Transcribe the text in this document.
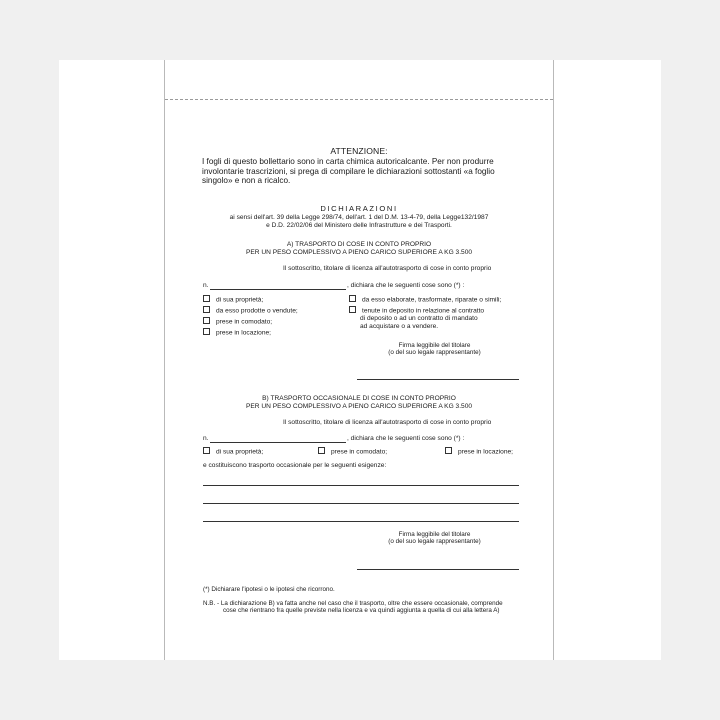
ATTENZIONE:
I fogli di questo bollettario sono in carta chimica autoricalcante. Per non produrre involontarie trascrizioni, si prega di compilare le dichiarazioni sottostanti «a foglio singolo» e non a ricalco.
DICHIARAZIONI
ai sensi dell'art. 39 della Legge 298/74, dell'art. 1 del D.M. 13-4-79, della Legge132/1987
e D.D. 22/02/06 del Ministero delle Infrastrutture e dei Trasporti.
A) TRASPORTO DI COSE IN CONTO PROPRIO
PER UN PESO COMPLESSIVO A PIENO CARICO SUPERIORE A KG 3.500
Il sottoscritto, titolare di licenza all'autotrasporto di cose in conto proprio
n.	, dichiara che le seguenti cose sono (*) :
di sua proprietà;
da esso prodotte o vendute;
prese in comodato;
prese in locazione;
da esso elaborate, trasformate, riparate o simili;
tenute in deposito in relazione al contratto
di deposito o ad un contratto di mandato
ad acquistare o a vendere.
Firma leggibile del titolare
(o del suo legale rappresentante)
B) TRASPORTO OCCASIONALE DI COSE IN CONTO PROPRIO
PER UN PESO COMPLESSIVO A PIENO CARICO SUPERIORE A KG 3.500
Il sottoscritto, titolare di licenza all'autotrasporto di cose in conto proprio
n.	, dichiara che le seguenti cose sono (*) :
di sua proprietà;	prese in comodato;	prese in locazione;
e costituiscono trasporto occasionale per le seguenti esigenze:
Firma leggibile del titolare
(o del suo legale rappresentante)
(*) Dichiarare l'ipotesi o le ipotesi che ricorrono.
N.B. - La dichiarazione B) va fatta anche nel caso che il trasporto, oltre che essere occasionale, comprende
cose che rientrano fra quelle previste nella licenza e va quindi aggiunta a quella di cui alla lettera A)
